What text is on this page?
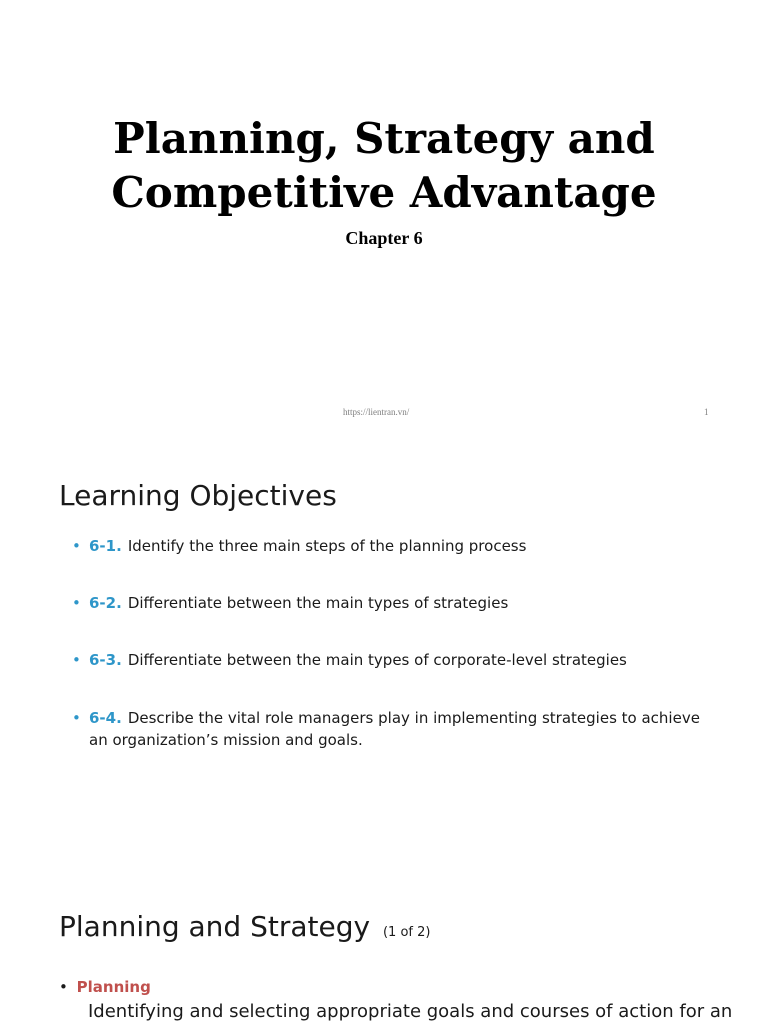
Planning, Strategy and
Competitive Advantage
Chapter 6
https://lientran.vn/	1
Learning Objectives
• 6-1. Identify the three main steps of the planning process
• 6-2. Differentiate between the main types of strategies
• 6-3. Differentiate between the main types of corporate-level strategies
• 6-4. Describe the vital role managers play in implementing strategies to achieve an organization’s mission and goals.
Planning and Strategy (1 of 2)
• Planning
Identifying and selecting appropriate goals and courses of action for an
